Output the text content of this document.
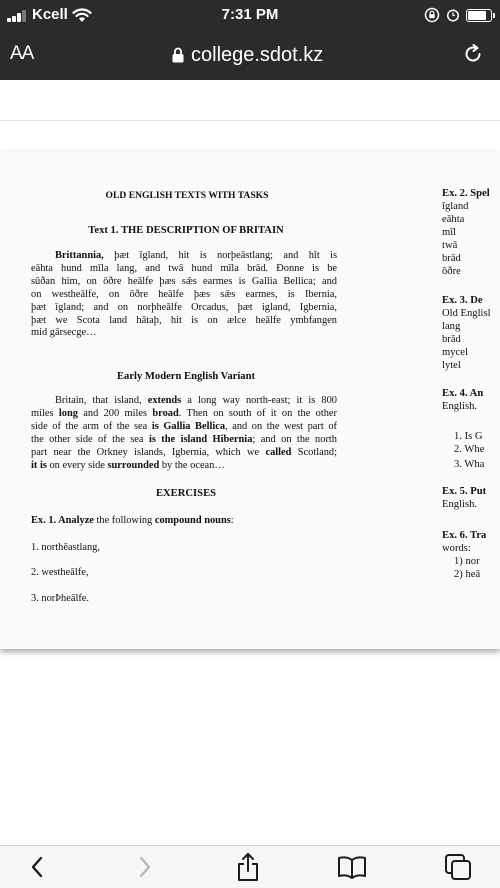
Kcell	7:31 PM
AA	college.sdot.kz
OLD ENGLISH TEXTS WITH TASKS
Text 1. THE DESCRIPTION OF BRITAIN
Brittannia, þæt īgland, hit is norþeāstlang; and hīt is
eāhta hund mīla lang, and twā hund mīla brād. Ðonne is be
sūðan him, on ōðre heālfe þæs sǣs earmes is Gallia Bellica; and
on westheālfe, on ōðre heālfe þæs sǣs earmes, is Ibernia,
þæt īgland; and on norþheālfe Orcadus, þæt igland, Igbernia,
þæt we Scota land hātaþ, hit is on ælce heālfe ymbfangen

mid gārsecge…
Early Modern English Variant
Britain, that island, extends a long way north-east; it is 800
miles long and 200 miles broad. Then on south of it on the other
side of the arm of the sea is Gallia Bellica, and on the west part of
the other side of the sea is the island Hibernia; and on the north
part near the Orkney islands, Igbernia, which we called Scotland;

it is on every side surrounded by the ocean…
EXERCISES
Ex. 1. Analyze the following compound nouns:
1. northēastlang,
2. westheālfe,
3. norÞheālfe.
Ex. 2. Spel
īgland
eāhta
mīl
twā
brād
ōðre
Ex. 3. De
Old Englisl
lang
brād
mycel
lytel
Ex. 4. An
English.
1. Is G
2. Whe
3. Wha
Ex. 5. Put
English.
Ex. 6. Tra
words:
1) nor
2) heā
